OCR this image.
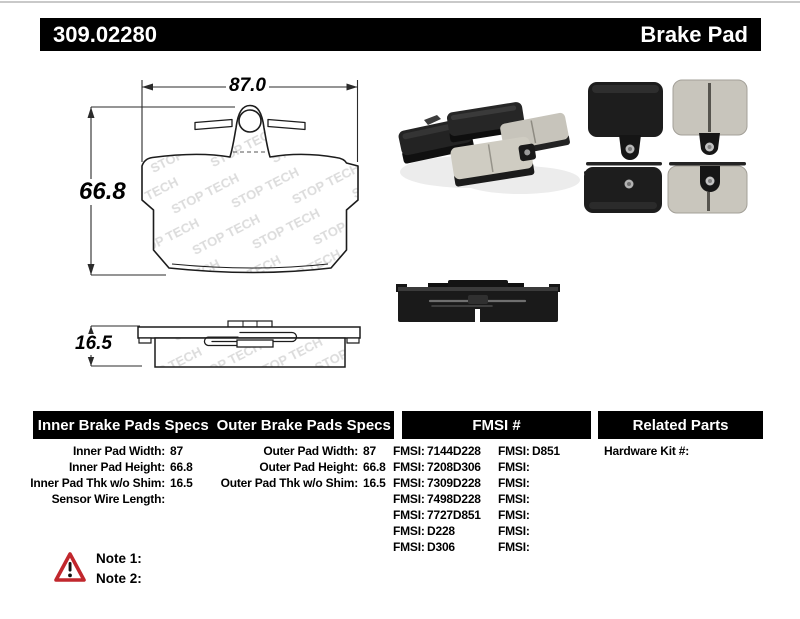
309.02280	Brake Pad
87.0
66.8
16.5
Inner Brake Pads Specs Outer Brake Pads Specs	FMSI #	Related Parts
Inner Pad Width: 87
Inner Pad Height: 66.8
Inner Pad Thk w/o Shim: 16.5
Sensor Wire Length:
Outer Pad Width: 87
Outer Pad Height: 66.8
Outer Pad Thk w/o Shim: 16.5
FMSI: 7144D228	FMSI: D851
FMSI: 7208D306	FMSI:
FMSI: 7309D228	FMSI:
FMSI: 7498D228	FMSI:
FMSI: 7727D851	FMSI:
FMSI: D228	FMSI:
FMSI: D306	FMSI:
Hardware Kit #:
Note 1:
Note 2:
